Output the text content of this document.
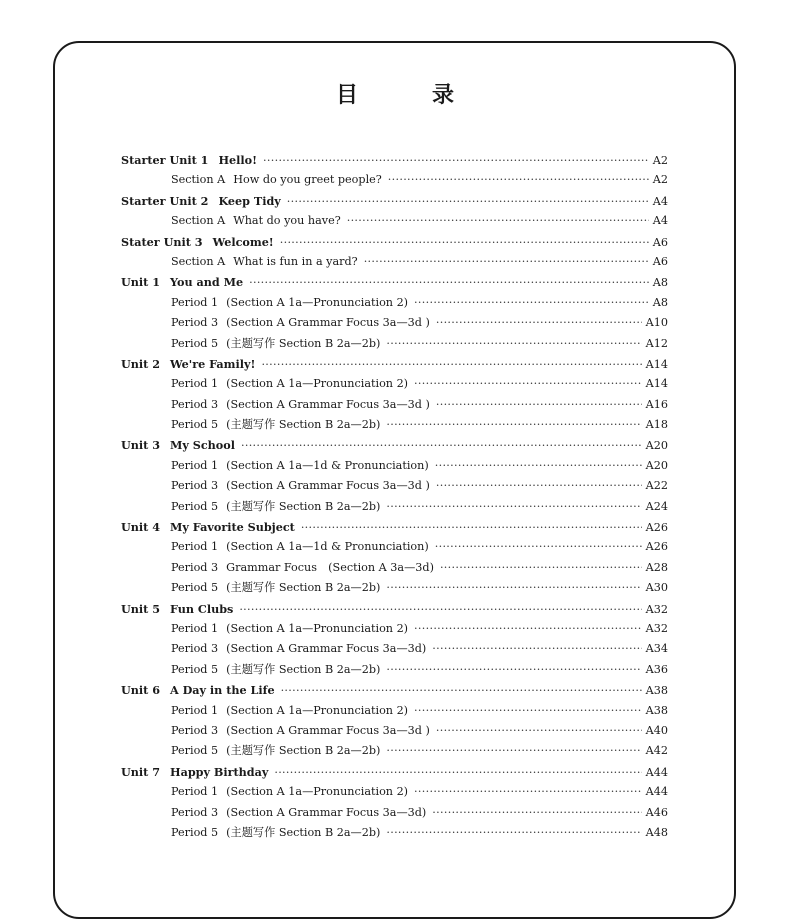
目　录
Starter Unit 1 Hello! ·····	A2
Section A How do you greet people? ·····	A2
Starter Unit 2 Keep Tidy ·····	A4
Section A What do you have? ·····	A4
Stater Unit 3 Welcome! ·····	A6
Section A What is fun in a yard? ·····	A6
Unit 1 You and Me ·····	A8
Period 1 (Section A 1a—Pronunciation 2) ·····	A8
Period 3 (Section A Grammar Focus 3a—3d ) ·····	A10
Period 5 (主题写作 Section B 2a—2b) ·····	A12
Unit 2 We're Family! ·····	A14
Period 1 (Section A 1a—Pronunciation 2) ·····	A14
Period 3 (Section A Grammar Focus 3a—3d ) ·····	A16
Period 5 (主题写作 Section B 2a—2b) ·····	A18
Unit 3 My School ·····	A20
Period 1 (Section A 1a—1d & Pronunciation) ·····	A20
Period 3 (Section A Grammar Focus 3a—3d ) ·····	A22
Period 5 (主题写作 Section B 2a—2b) ·····	A24
Unit 4 My Favorite Subject ·····	A26
Period 1 (Section A 1a—1d & Pronunciation) ·····	A26
Period 3 Grammar Focus　(Section A 3a—3d) ·····	A28
Period 5 (主题写作 Section B 2a—2b) ·····	A30
Unit 5 Fun Clubs ·····	A32
Period 1 (Section A 1a—Pronunciation 2) ·····	A32
Period 3 (Section A Grammar Focus 3a—3d) ·····	A34
Period 5 (主题写作 Section B 2a—2b) ·····	A36
Unit 6 A Day in the Life ·····	A38
Period 1 (Section A 1a—Pronunciation 2) ·····	A38
Period 3 (Section A Grammar Focus 3a—3d ) ·····	A40
Period 5 (主题写作 Section B 2a—2b) ·····	A42
Unit 7 Happy Birthday ·····	A44
Period 1 (Section A 1a—Pronunciation 2) ·····	A44
Period 3 (Section A Grammar Focus 3a—3d) ·····	A46
Period 5 (主题写作 Section B 2a—2b) ·····	A48
